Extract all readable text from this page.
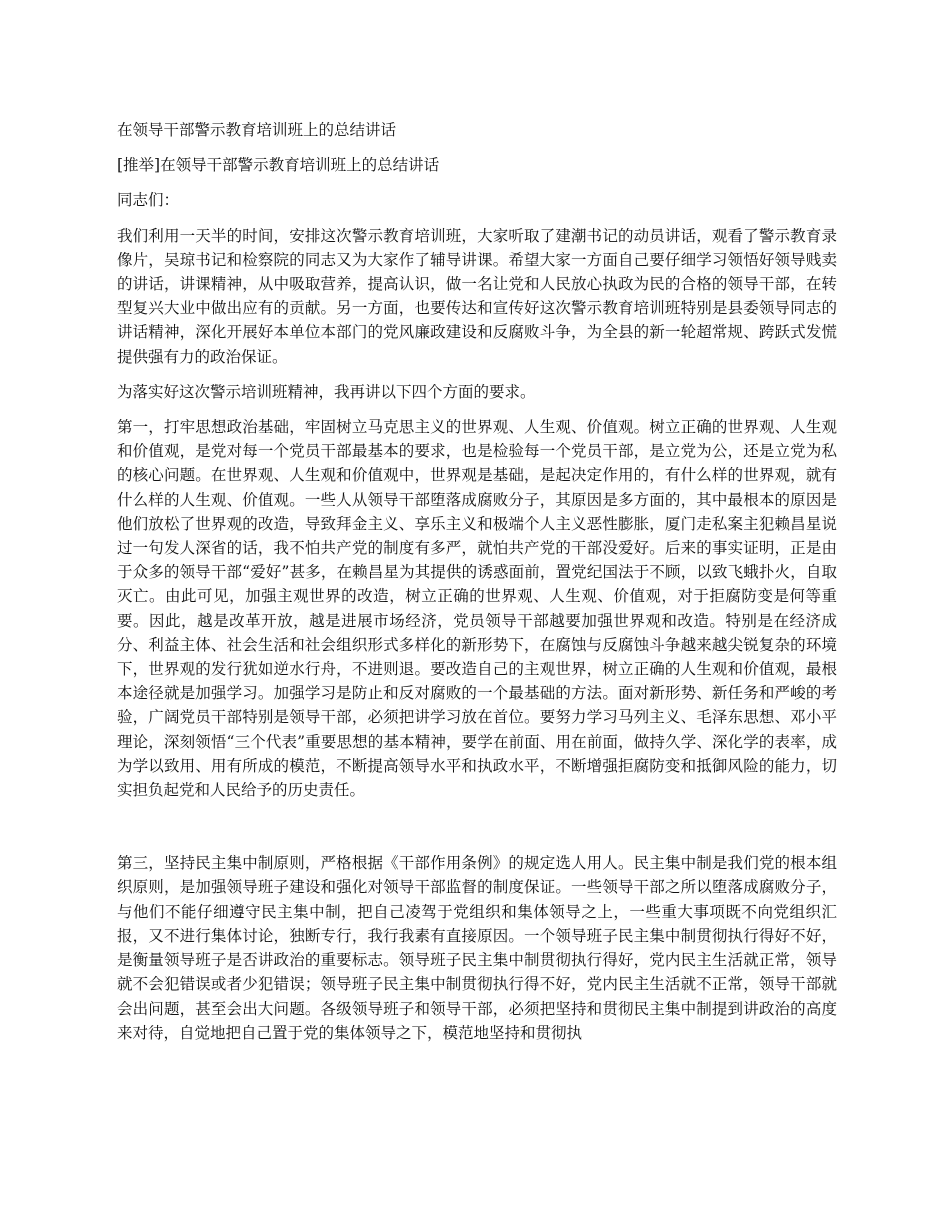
在领导干部警示教育培训班上的总结讲话

[推举]在领导干部警示教育培训班上的总结讲话

同志们：

我们利用一天半的时间，安排这次警示教育培训班，大家听取了建潮书记的动员讲话，观看了警示教育录像片，吴琼书记和检察院的同志又为大家作了辅导讲课。希望大家一方面自己要仔细学习领悟好领导贱卖的讲话，讲课精神，从中吸取营养，提高认识，做一名让党和人民放心执政为民的合格的领导干部，在转型复兴大业中做出应有的贡献。另一方面，也要传达和宣传好这次警示教育培训班特别是县委领导同志的讲话精神，深化开展好本单位本部门的党风廉政建设和反腐败斗争，为全县的新一轮超常规、跨跃式发慌提供强有力的政治保证。

为落实好这次警示培训班精神，我再讲以下四个方面的要求。

第一，打牢思想政治基础，牢固树立马克思主义的世界观、人生观、价值观。树立正确的世界观、人生观和价值观，是党对每一个党员干部最基本的要求，也是检验每一个党员干部，是立党为公，还是立党为私的核心问题。在世界观、人生观和价值观中，世界观是基础，是起决定作用的，有什么样的世界观，就有什么样的人生观、价值观。一些人从领导干部堕落成腐败分子，其原因是多方面的，其中最根本的原因是他们放松了世界观的改造，导致拜金主义、享乐主义和极端个人主义恶性膨胀，厦门走私案主犯赖昌星说过一句发人深省的话，我不怕共产党的制度有多严，就怕共产党的干部没爱好。后来的事实证明，正是由于众多的领导干部“爱好”甚多，在赖昌星为其提供的诱惑面前，置党纪国法于不顾，以致飞蛾扑火，自取灭亡。由此可见，加强主观世界的改造，树立正确的世界观、人生观、价值观，对于拒腐防变是何等重要。因此，越是改革开放，越是进展市场经济，党员领导干部越要加强世界观和改造。特别是在经济成分、利益主体、社会生活和社会组织形式多样化的新形势下，在腐蚀与反腐蚀斗争越来越尖锐复杂的环境下，世界观的发行犹如逆水行舟，不进则退。要改造自己的主观世界，树立正确的人生观和价值观，最根本途径就是加强学习。加强学习是防止和反对腐败的一个最基础的方法。面对新形势、新任务和严峻的考验，广阔党员干部特别是领导干部，必须把讲学习放在首位。要努力学习马列主义、毛泽东思想、邓小平理论，深刻领悟“三个代表”重要思想的基本精神，要学在前面、用在前面，做持久学、深化学的表率，成为学以致用、用有所成的模范，不断提高领导水平和执政水平，不断增强拒腐防变和抵御风险的能力，切实担负起党和人民给予的历史责任。

第三，坚持民主集中制原则，严格根据《干部作用条例》的规定选人用人。民主集中制是我们党的根本组织原则，是加强领导班子建设和强化对领导干部监督的制度保证。一些领导干部之所以堕落成腐败分子，与他们不能仔细遵守民主集中制，把自己凌驾于党组织和集体领导之上，一些重大事项既不向党组织汇报，又不进行集体讨论，独断专行，我行我素有直接原因。一个领导班子民主集中制贯彻执行得好不好，是衡量领导班子是否讲政治的重要标志。领导班子民主集中制贯彻执行得好，党内民主生活就正常，领导就不会犯错误或者少犯错误；领导班子民主集中制贯彻执行得不好，党内民主生活就不正常，领导干部就会出问题，甚至会出大问题。各级领导班子和领导干部，必须把坚持和贯彻民主集中制提到讲政治的高度来对待，自觉地把自己置于党的集体领导之下，模范地坚持和贯彻执
